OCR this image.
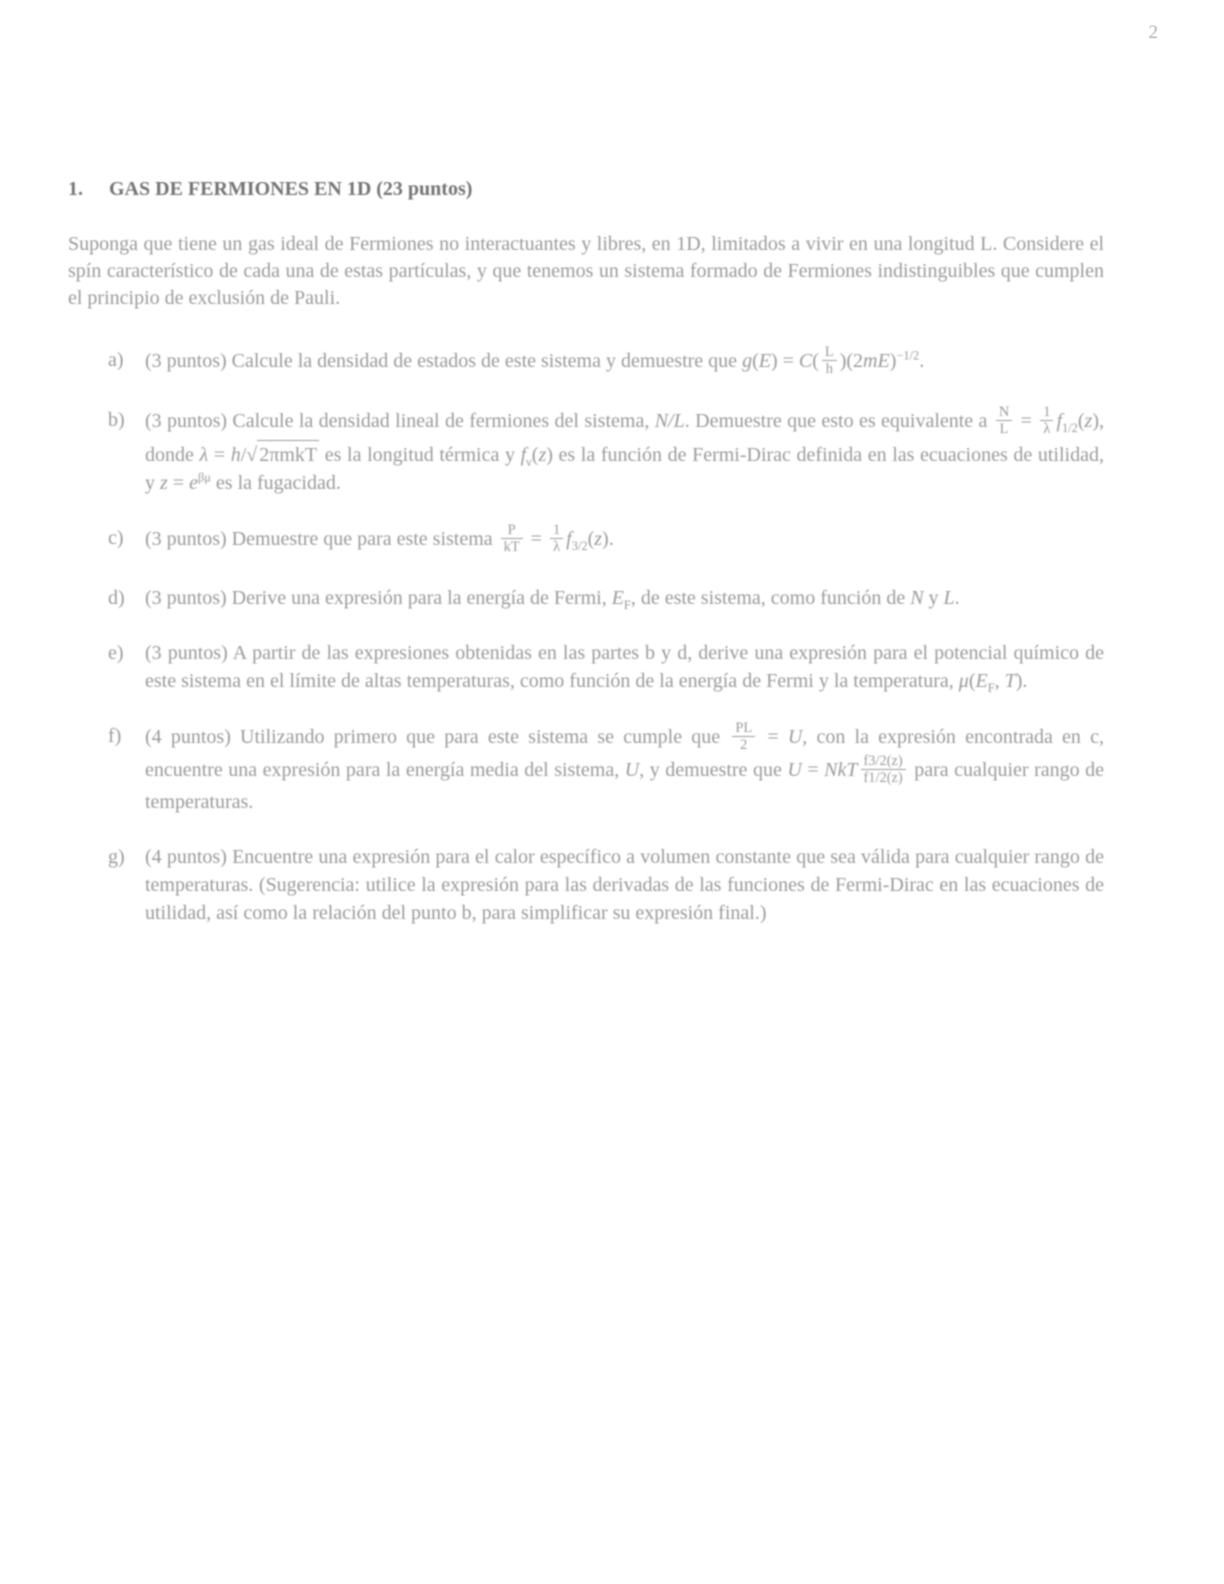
2
1. GAS DE FERMIONES EN 1D (23 puntos)

Suponga que tiene un gas ideal de Fermiones no interactuantes y libres, en 1D, limitados a vivir en una longitud L. Considere el spín característico de cada una de estas partículas, y que tenemos un sistema formado de Fermiones indistinguibles que cumplen el principio de exclusión de Pauli.

a)	(3 puntos) Calcule la densidad de estados de este sistema y demuestre que $g(E) = C( \frac{L}{h} )(2mE)^{-1/2}$.
b)	(3 puntos) Calcule la densidad lineal de fermiones del sistema, N/L. Demuestre que esto es equivalente a $\frac{N}{L} = \frac{1}{\lambda} f_{1/2}(z)$, donde λ = h/√ 2πmkT es la longitud térmica y $f_\nu(z)$ es la función de Fermi-Dirac definida en las ecuaciones de utilidad, y $z = e^{\beta\mu}$ es la fugacidad.
c)	(3 puntos) Demuestre que para este sistema $\frac{P}{kT} = \frac{1}{\lambda} f_{3/2}(z)$.
d)	(3 puntos) Derive una expresión para la energía de Fermi, $E_F$, de este sistema, como función de N y L.
e)	(3 puntos) A partir de las expresiones obtenidas en las partes b y d, derive una expresión para el potencial químico de este sistema en el límite de altas temperaturas, como función de la energía de Fermi y la temperatura, $\mu(E_F$, T).
f)	(4 puntos) Utilizando primero que para este sistema se cumple que $\frac{PL}{2} = U$, con la expresión encontrada en c, encuentre una expresión para la energía media del sistema, U, y demuestre que U = NkT $\frac{f3/2(z)}{f1/2(z)}$ para cualquier rango de temperaturas.
g)	(4 puntos) Encuentre una expresión para el calor específico a volumen constante que sea válida para cualquier rango de temperaturas. (Sugerencia: utilice la expresión para las derivadas de las funciones de Fermi-Dirac en las ecuaciones de utilidad, así como la relación del punto b, para simplificar su expresión final.)
